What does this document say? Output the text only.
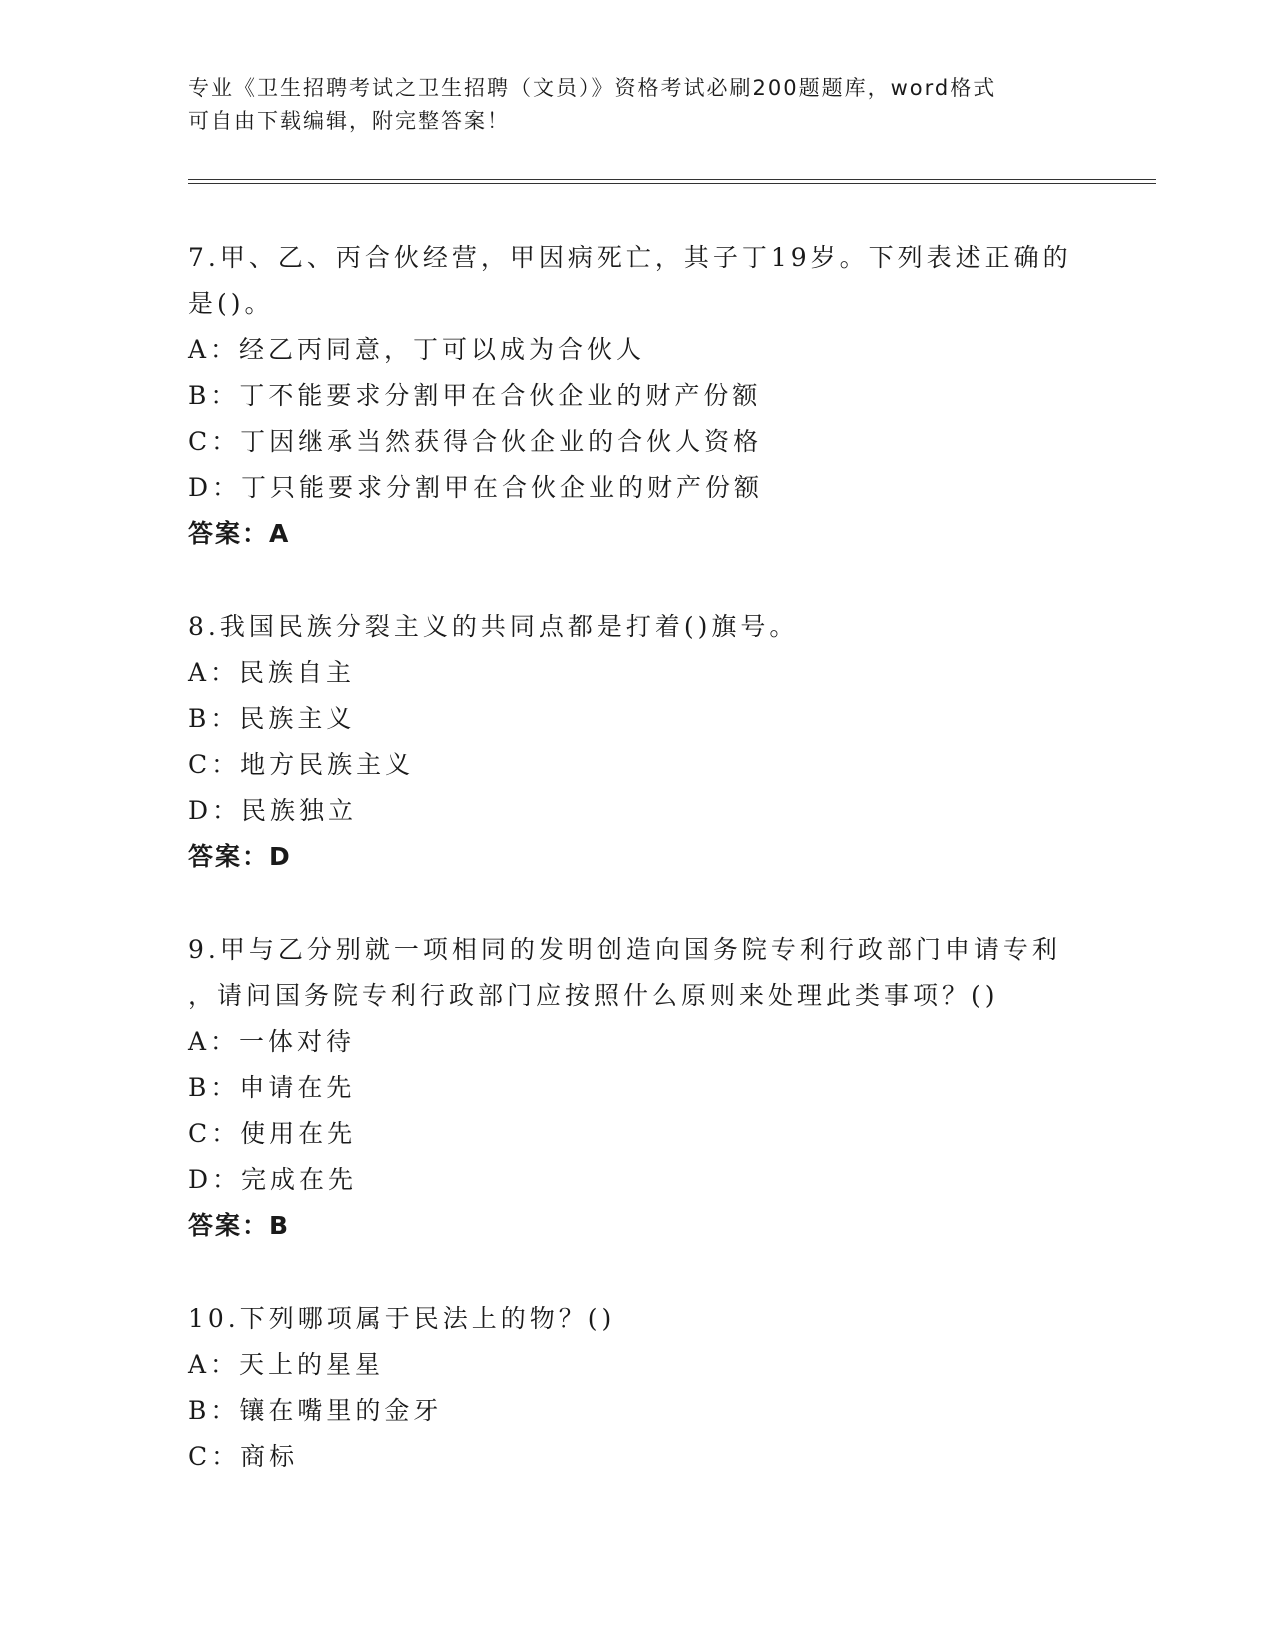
专业《卫生招聘考试之卫生招聘（文员）》资格考试必刷200题题库，word格式
可自由下载编辑，附完整答案！
7.甲、乙、丙合伙经营，甲因病死亡，其子丁19岁。下列表述正确的
是()。
A：经乙丙同意，丁可以成为合伙人
B：丁不能要求分割甲在合伙企业的财产份额
C：丁因继承当然获得合伙企业的合伙人资格
D：丁只能要求分割甲在合伙企业的财产份额
答案：A
8.我国民族分裂主义的共同点都是打着()旗号。
A：民族自主
B：民族主义
C：地方民族主义
D：民族独立
答案：D
9.甲与乙分别就一项相同的发明创造向国务院专利行政部门申请专利
，请问国务院专利行政部门应按照什么原则来处理此类事项？()
A：一体对待
B：申请在先
C：使用在先
D：完成在先
答案：B
10.下列哪项属于民法上的物？()
A：天上的星星
B：镶在嘴里的金牙
C：商标
